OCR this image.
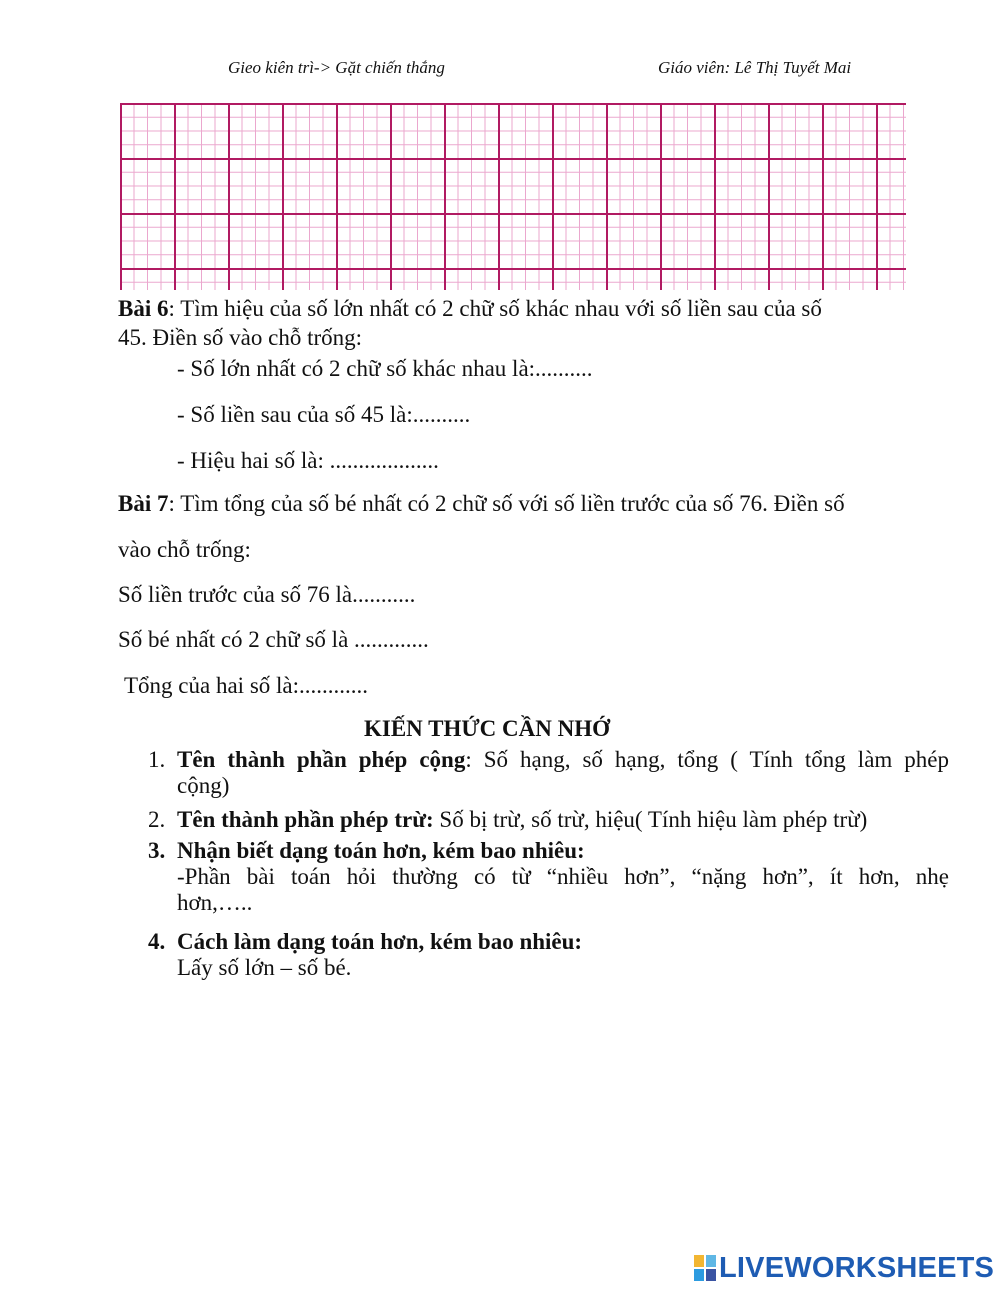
Gieo kiên trì-> Gặt chiến thắng	Giáo viên: Lê Thị Tuyết Mai
Bài 6: Tìm hiệu của số lớn nhất có 2 chữ số khác nhau với số liền sau của số
45. Điền số vào chỗ trống:
- Số lớn nhất có 2 chữ số khác nhau là:..........
- Số liền sau của số 45 là:..........
- Hiệu hai số là: ...................
Bài 7: Tìm tổng của số bé nhất có 2 chữ số với số liền trước của số 76. Điền số
vào chỗ trống:
Số liền trước của số 76 là...........
Số bé nhất có 2 chữ số là .............
Tổng của hai số là:............
KIẾN THỨC CẦN NHỚ
1. Tên thành phần phép cộng: Số hạng, số hạng, tổng ( Tính tổng làm phép
cộng)
2. Tên thành phần phép trừ: Số bị trừ, số trừ, hiệu( Tính hiệu làm phép trừ)
3. Nhận biết dạng toán hơn, kém bao nhiêu:
-Phần bài toán hỏi thường có từ “nhiều hơn”, “nặng hơn”, ít hơn, nhẹ
hơn,…..
4. Cách làm dạng toán hơn, kém bao nhiêu:
Lấy số lớn – số bé.
LIVEWORKSHEETS
